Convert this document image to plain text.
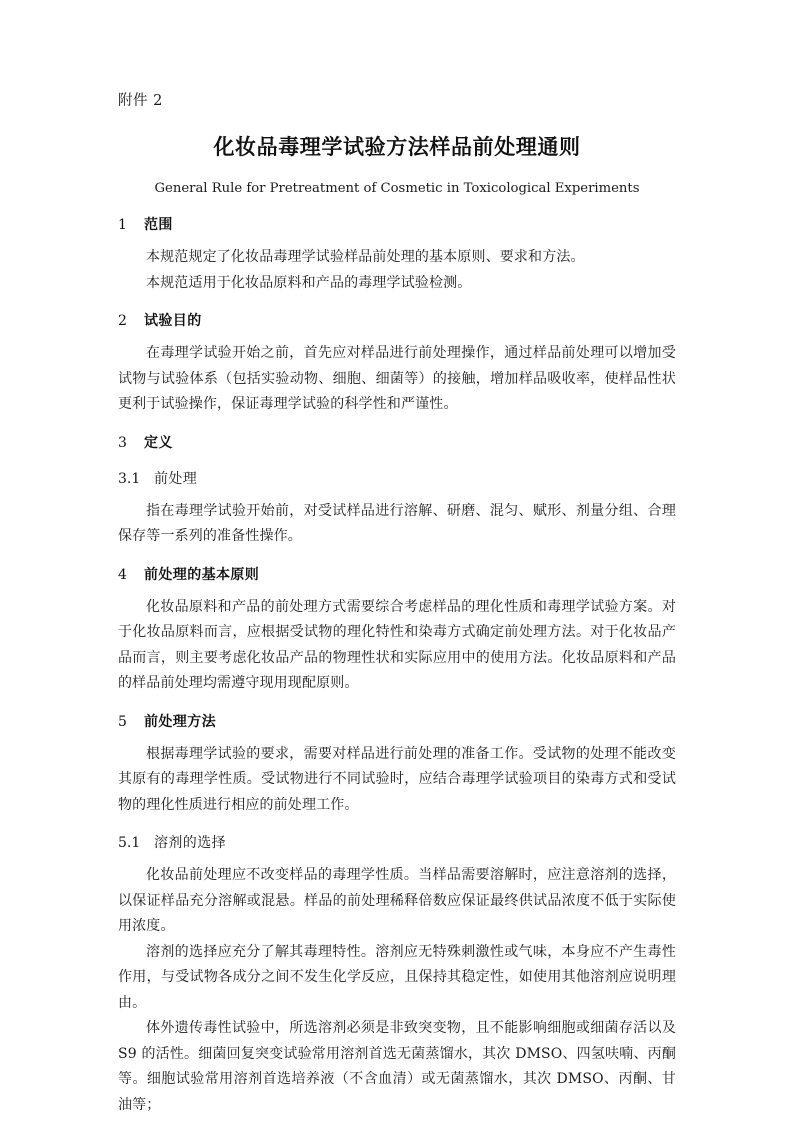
附件 2
化妆品毒理学试验方法样品前处理通则
General Rule for Pretreatment of Cosmetic in Toxicological Experiments
1	范围

本规范规定了化妆品毒理学试验样品前处理的基本原则、要求和方法。

本规范适用于化妆品原料和产品的毒理学试验检测。

2	试验目的

在毒理学试验开始之前，首先应对样品进行前处理操作，通过样品前处理可以增加受试物与试验体系（包括实验动物、细胞、细菌等）的接触，增加样品吸收率，使样品性状更利于试验操作，保证毒理学试验的科学性和严谨性。

3	定义
3.1 前处理

指在毒理学试验开始前，对受试样品进行溶解、研磨、混匀、赋形、剂量分组、合理保存等一系列的准备性操作。

4	前处理的基本原则

化妆品原料和产品的前处理方式需要综合考虑样品的理化性质和毒理学试验方案。对于化妆品原料而言，应根据受试物的理化特性和染毒方式确定前处理方法。对于化妆品产品而言，则主要考虑化妆品产品的物理性状和实际应用中的使用方法。化妆品原料和产品的样品前处理均需遵守现用现配原则。

5	前处理方法

根据毒理学试验的要求，需要对样品进行前处理的准备工作。受试物的处理不能改变其原有的毒理学性质。受试物进行不同试验时，应结合毒理学试验项目的染毒方式和受试物的理化性质进行相应的前处理工作。

5.1 溶剂的选择

化妆品前处理应不改变样品的毒理学性质。当样品需要溶解时，应注意溶剂的选择，以保证样品充分溶解或混悬。样品的前处理稀释倍数应保证最终供试品浓度不低于实际使用浓度。

溶剂的选择应充分了解其毒理特性。溶剂应无特殊刺激性或气味，本身应不产生毒性作用，与受试物各成分之间不发生化学反应，且保持其稳定性，如使用其他溶剂应说明理由。

体外遗传毒性试验中，所选溶剂必须是非致突变物，且不能影响细胞或细菌存活以及 S9 的活性。细菌回复突变试验常用溶剂首选无菌蒸馏水，其次 DMSO、四氢呋喃、丙酮等。细胞试验常用溶剂首选培养液（不含血清）或无菌蒸馏水，其次 DMSO、丙酮、甘油等；
